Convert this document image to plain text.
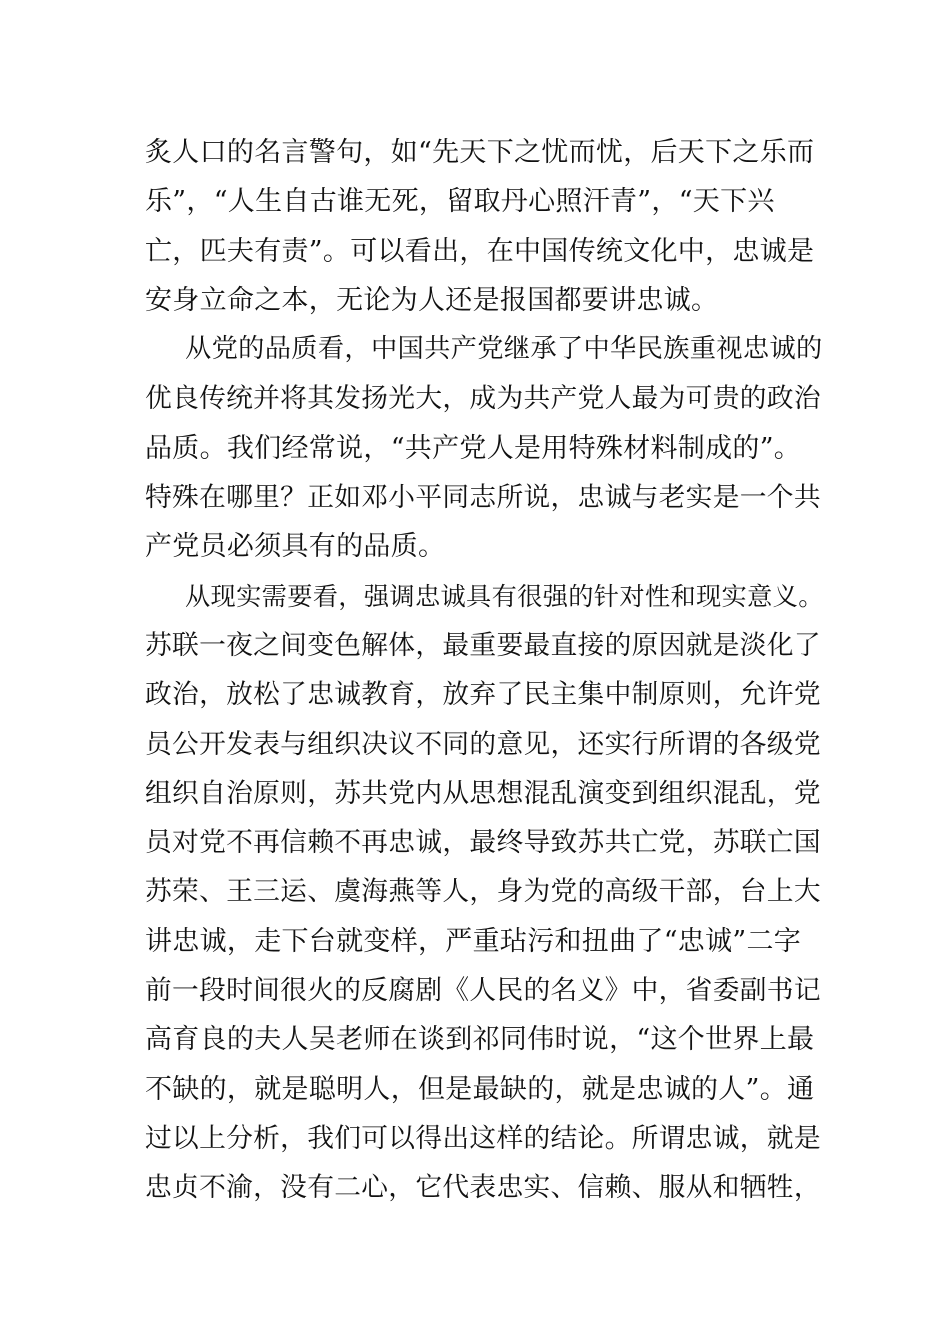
炙人口的名言警句，如“先天下之忧而忧，后天下之乐而
乐”，“人生自古谁无死，留取丹心照汗青”，“天下兴
亡，匹夫有责”。可以看出，在中国传统文化中，忠诚是
安身立命之本，无论为人还是报国都要讲忠诚。
从党的品质看，中国共产党继承了中华民族重视忠诚的
优良传统并将其发扬光大，成为共产党人最为可贵的政治
品质。我们经常说，“共产党人是用特殊材料制成的”。
特殊在哪里？正如邓小平同志所说，忠诚与老实是一个共
产党员必须具有的品质。
从现实需要看，强调忠诚具有很强的针对性和现实意义。
苏联一夜之间变色解体，最重要最直接的原因就是淡化了
政治，放松了忠诚教育，放弃了民主集中制原则，允许党
员公开发表与组织决议不同的意见，还实行所谓的各级党
组织自治原则，苏共党内从思想混乱演变到组织混乱，党
员对党不再信赖不再忠诚，最终导致苏共亡党，苏联亡国
苏荣、王三运、虞海燕等人，身为党的高级干部，台上大
讲忠诚，走下台就变样，严重玷污和扭曲了“忠诚”二字
前一段时间很火的反腐剧《人民的名义》中，省委副书记
高育良的夫人吴老师在谈到祁同伟时说，“这个世界上最
不缺的，就是聪明人，但是最缺的，就是忠诚的人”。通
过以上分析，我们可以得出这样的结论。所谓忠诚，就是
忠贞不渝，没有二心，它代表忠实、信赖、服从和牺牲，
